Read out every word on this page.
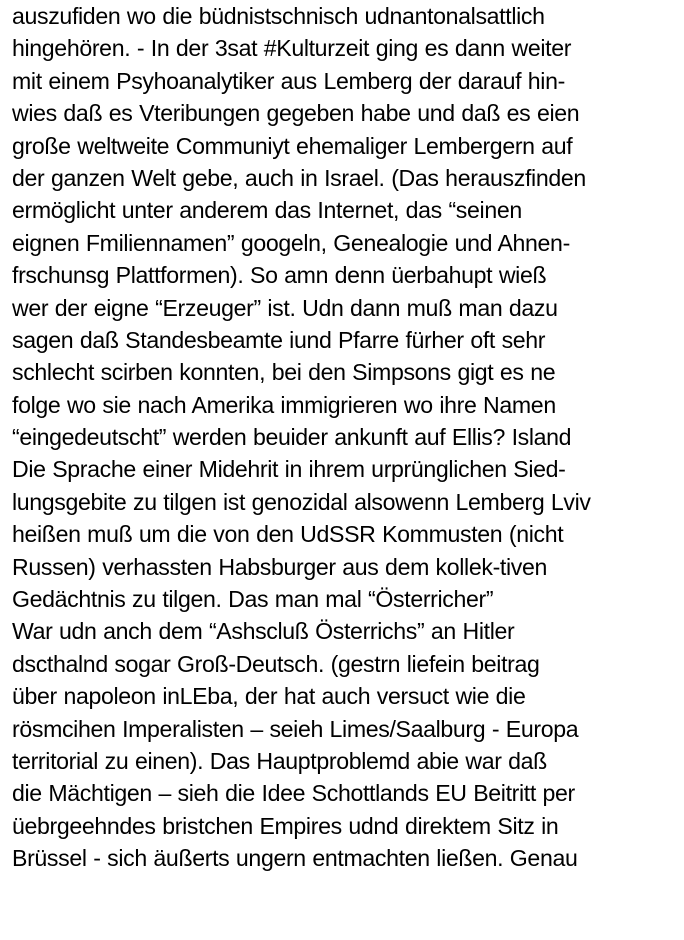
auszufiden wo die büdnistschnisch udnantonalsattlich
hingehören. - In der 3sat #Kulturzeit ging es dann weiter
mit einem Psyhoanalytiker aus Lemberg der darauf hin-
wies daß es Vteribungen gegeben habe und daß es eien
große weltweite Communiyt ehemaliger Lembergern auf
der ganzen Welt gebe, auch in Israel. (Das herauszfinden
ermöglicht unter anderem das Internet, das “seinen
eignen Fmiliennamen” googeln, Genealogie und Ahnen-
frschunsg Plattformen). So amn denn üerbahupt wieß
wer der eigne “Erzeuger” ist. Udn dann muß man dazu
sagen daß Standesbeamte iund Pfarre fürher oft sehr
schlecht scirben konnten, bei den Simpsons gigt es ne
folge wo sie nach Amerika immigrieren wo ihre Namen
“eingedeutscht” werden beuider ankunft auf Ellis? Island
Die Sprache einer Midehrit in ihrem urprünglichen Sied-
lungsgebite zu tilgen ist genozidal alsowenn Lemberg Lviv
heißen muß um die von den UdSSR Kommusten (nicht
Russen) verhassten Habsburger aus dem kollek-tiven
Gedächtnis zu tilgen. Das man mal “Österricher”
War udn anch dem “Ashscluß Österrichs” an Hitler
dscthalnd sogar Groß-Deutsch. (gestrn liefein beitrag
über napoleon inLEba, der hat auch versuct wie die
rösmcihen Imperalisten – seieh Limes/Saalburg - Europa
territorial zu einen). Das Hauptproblemd abie war daß
die Mächtigen – sieh die Idee Schottlands EU Beitritt per
üebrgeehndes bristchen Empires udnd direktem Sitz in
Brüssel - sich äußerts ungern entmachten ließen. Genau
